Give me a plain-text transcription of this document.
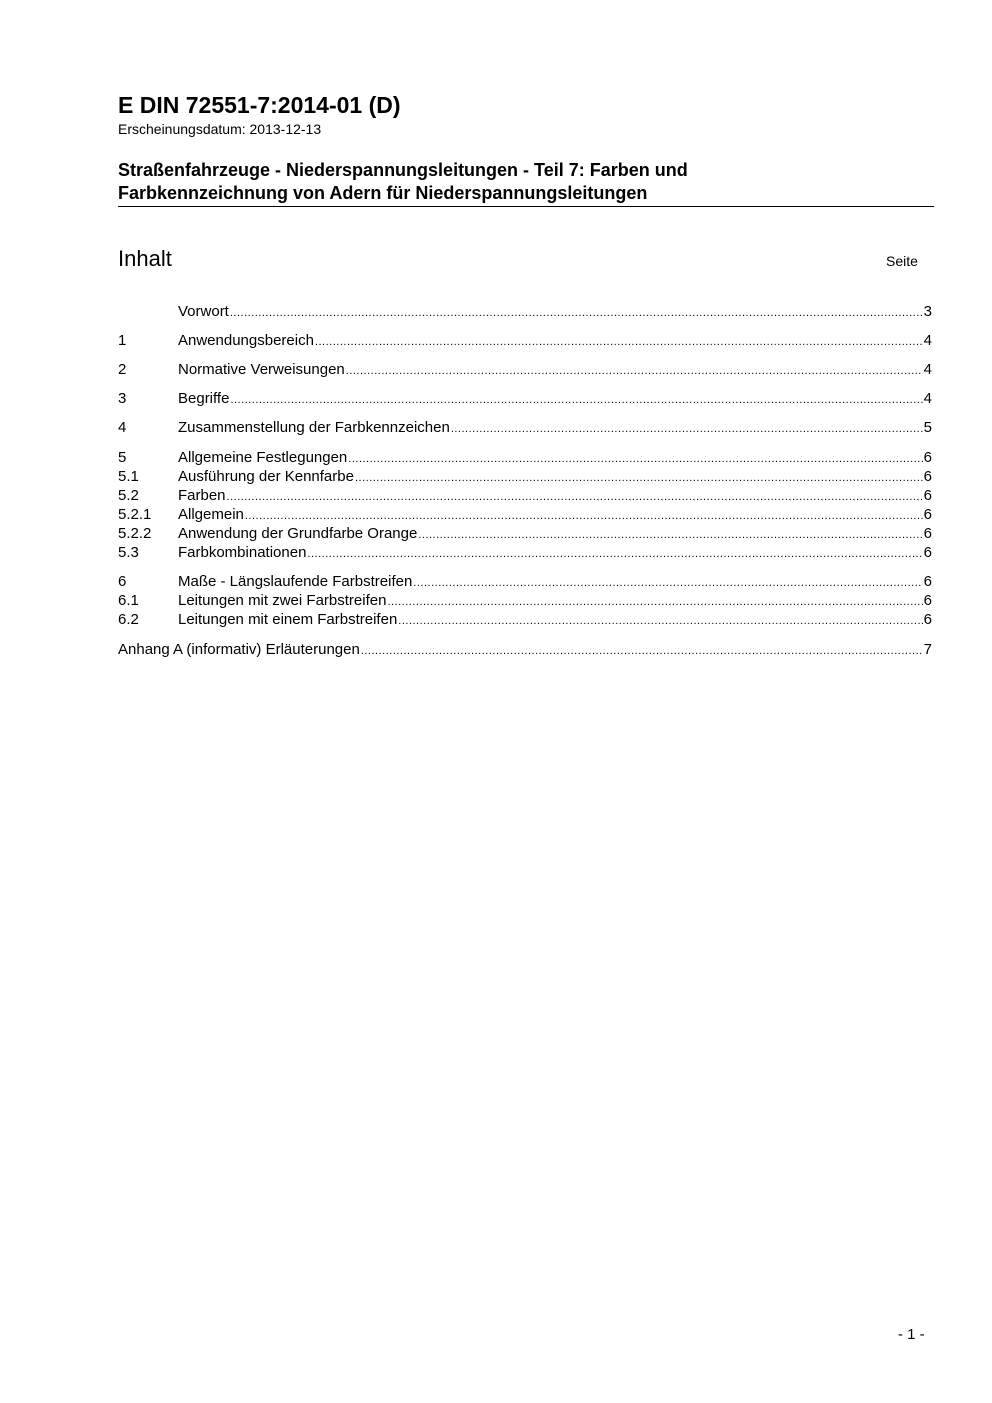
E DIN 72551-7:2014-01 (D)
Erscheinungsdatum: 2013-12-13
Straßenfahrzeuge - Niederspannungsleitungen - Teil 7: Farben und
Farbkennzeichnung von Adern für Niederspannungsleitungen
Inhalt	Seite
Vorwort .....	3
1	Anwendungsbereich .....	4
2	Normative Verweisungen .....	4
3	Begriffe .....	4
4	Zusammenstellung der Farbkennzeichen .....	5
5	Allgemeine Festlegungen .....	6
5.1	Ausführung der Kennfarbe .....	6
5.2	Farben .....	6
5.2.1	Allgemein .....	6
5.2.2	Anwendung der Grundfarbe Orange .....	6
5.3	Farbkombinationen .....	6
6	Maße - Längslaufende Farbstreifen .....	6
6.1	Leitungen mit zwei Farbstreifen .....	6
6.2	Leitungen mit einem Farbstreifen .....	6
Anhang A (informativ) Erläuterungen .....	7
- 1 -
